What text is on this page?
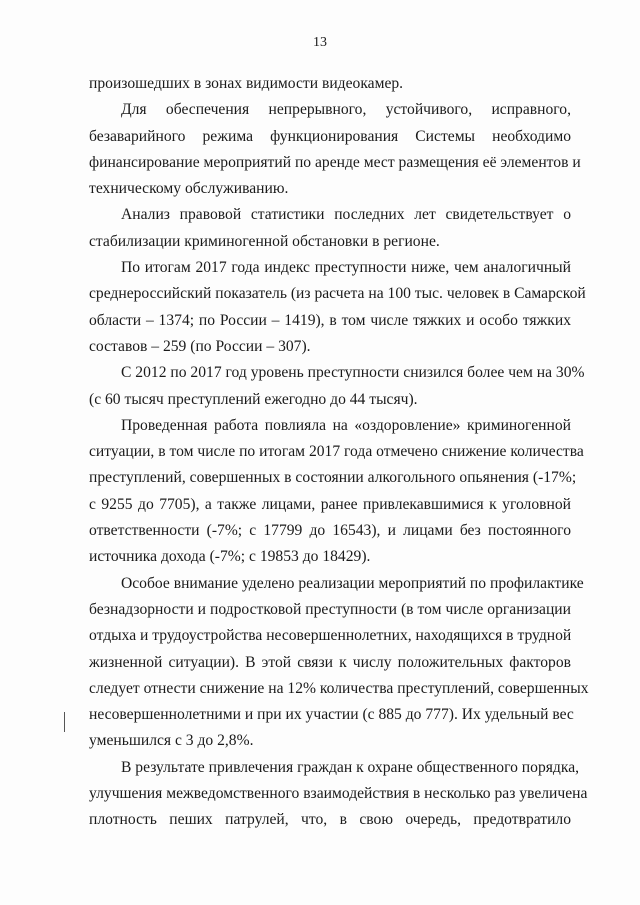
13

произошедших в зонах видимости видеокамер.

Для обеспечения непрерывного, устойчивого, исправного,
безаварийного режима функционирования Системы необходимо
финансирование мероприятий по аренде мест размещения её элементов и
техническому обслуживанию.

Анализ правовой статистики последних лет свидетельствует о
стабилизации криминогенной обстановки в регионе.

По итогам 2017 года индекс преступности ниже, чем аналогичный
среднероссийский показатель (из расчета на 100 тыс. человек в Самарской
области – 1374; по России – 1419), в том числе тяжких и особо тяжких
составов – 259 (по России – 307).

С 2012 по 2017 год уровень преступности снизился более чем на 30%
(с 60 тысяч преступлений ежегодно до 44 тысяч).

Проведенная работа повлияла на «оздоровление» криминогенной
ситуации, в том числе по итогам 2017 года отмечено снижение количества
преступлений, совершенных в состоянии алкогольного опьянения (-17%;
с 9255 до 7705), а также лицами, ранее привлекавшимися к уголовной
ответственности (-7%; с 17799 до 16543), и лицами без постоянного
источника дохода (-7%; с 19853 до 18429).

Особое внимание уделено реализации мероприятий по профилактике
безнадзорности и подростковой преступности (в том числе организации
отдыха и трудоустройства несовершеннолетних, находящихся в трудной
жизненной ситуации). В этой связи к числу положительных факторов
следует отнести снижение на 12% количества преступлений, совершенных
несовершеннолетними и при их участии (с 885 до 777). Их удельный вес
уменьшился с 3 до 2,8%.

В результате привлечения граждан к охране общественного порядка,
улучшения межведомственного взаимодействия в несколько раз увеличена
плотность пеших патрулей, что, в свою очередь, предотвратило
